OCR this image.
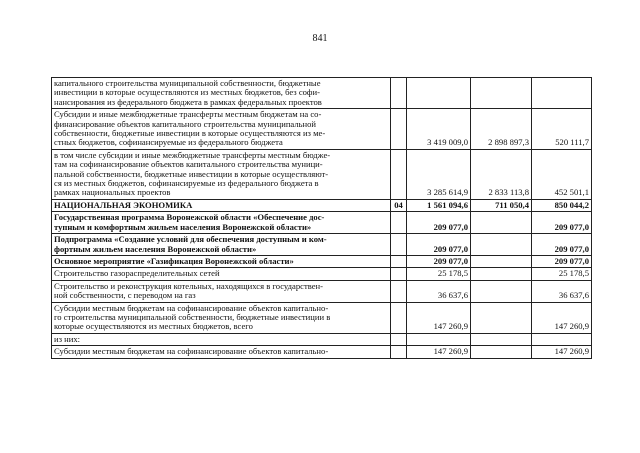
841
капитального строительства муниципальной собственности, бюджетные
инвестиции в которые осуществляются из местных бюджетов, без софи-
нансирования из федерального бюджета в рамках федеральных проектов				

Субсидии и иные межбюджетные трансферты местным бюджетам на со-
финансирование объектов капитального строительства муниципальной
собственности, бюджетные инвестиции в которые осуществляются из ме-
стных бюджетов, софинансируемые из федерального бюджета		3 419 009,0	2 898 897,3	520 111,7

в том числе субсидии и иные межбюджетные трансферты местным бюдже-
там на софинансирование объектов капитального строительства муници-
пальной собственности, бюджетные инвестиции в которые осуществляют-
ся из местных бюджетов, софинансируемые из федерального бюджета в
рамках национальных проектов		3 285 614,9	2 833 113,8	452 501,1

НАЦИОНАЛЬНАЯ ЭКОНОМИКА	04	1 561 094,6	711 050,4	850 044,2

Государственная программа Воронежской области «Обеспечение дос-
тупным и комфортным жильем населения Воронежской области»		209 077,0		209 077,0

Подпрограмма «Создание условий для обеспечения доступным и ком-
фортным жильем населения Воронежской области»		209 077,0		209 077,0

Основное мероприятие «Газификация Воронежской области»		209 077,0		209 077,0

Строительство газораспределительных сетей		25 178,5		25 178,5

Строительство и реконструкция котельных, находящихся в государствен-
ной собственности, с переводом на газ		36 637,6		36 637,6

Субсидии местным бюджетам на софинансирование объектов капитально-
го строительства муниципальной собственности, бюджетные инвестиции в
которые осуществляются из местных бюджетов, всего		147 260,9		147 260,9

из них:				

Субсидии местным бюджетам на софинансирование объектов капитально-		147 260,9		147 260,9
